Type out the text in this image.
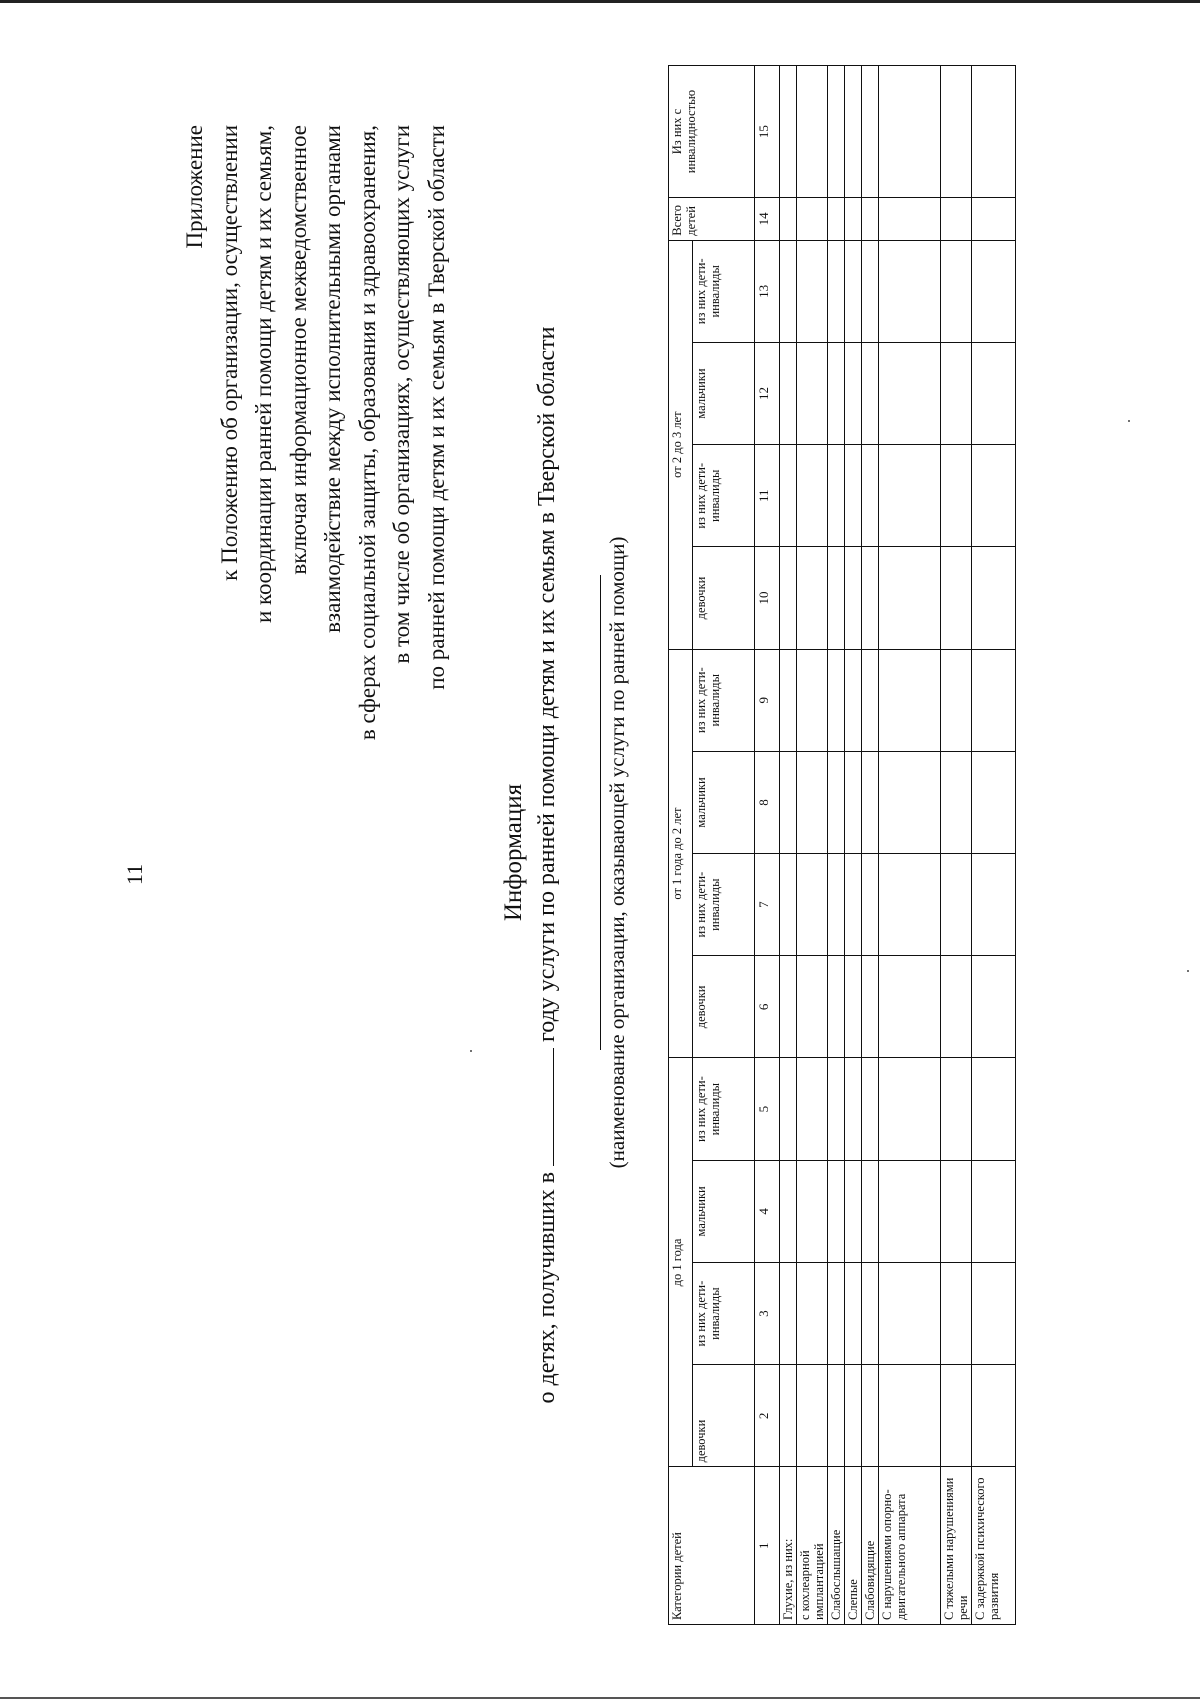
11
Приложение к Положению об организации, осуществлении и координации ранней помощи детям и их семьям, включая информационное межведомственное взаимодействие между исполнительными органами в сферах социальной защиты, образования и здравоохранения, в том числе об организациях, осуществляющих услуги по ранней помощи детям и их семьям в Тверской области
Информация
о детях, получивших вгоду услуги по ранней помощи детям и их семьям в Тверской области (наименование организации, оказывающей услуги по ранней помощи)
Категории детей	до 1 года				от 1 года до 2 лет				от 2 до 3 лет				Всего детей	Из них с инвалидностью
	девочки	из них дети-инвалиды	мальчики	из них дети-инвалиды	девочки	из них дети-инвалиды	мальчики	из них дети-инвалиды	девочки	из них дети-инвалиды	мальчики	из них дети-инвалиды		
1	2	3	4	5	6	7	8	9	10	11	12	13	14	15
Глухие, из них:														
с кохлеарной имплантацией														
Слабослышащие														
Слепые														
Слабовидящие														
С нарушениями опорно-двигательного аппарата														
С тяжелыми нарушениями речи														
С задержкой психического развития														
